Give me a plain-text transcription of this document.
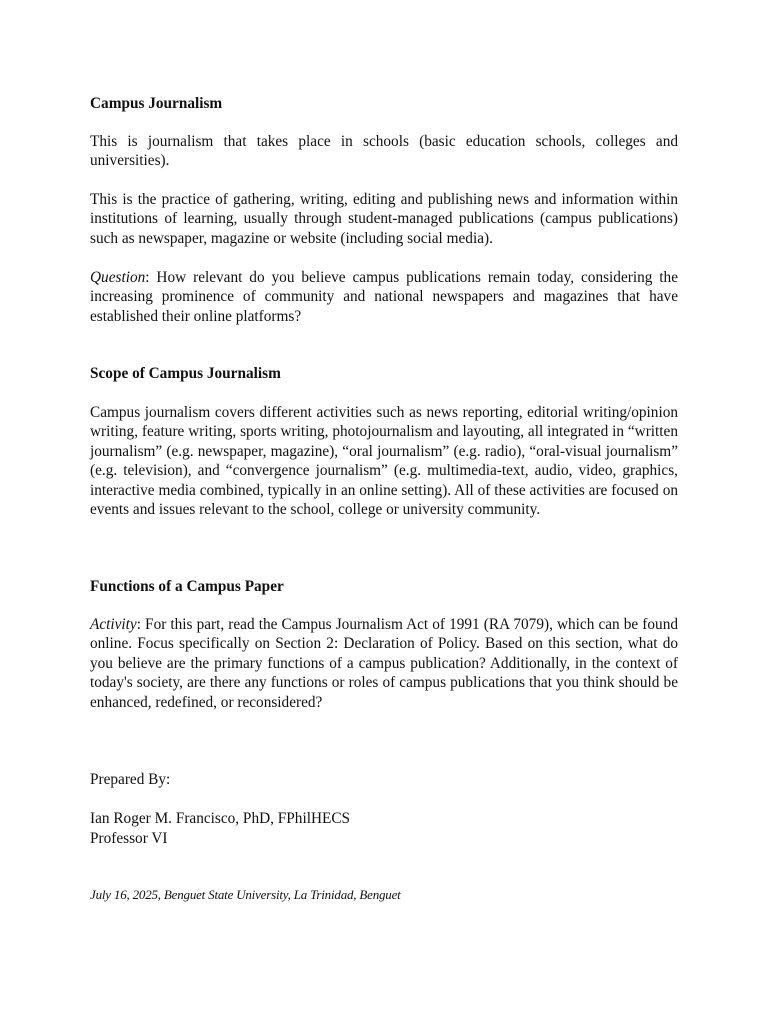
Campus Journalism
This is journalism that takes place in schools (basic education schools, colleges and universities).
This is the practice of gathering, writing, editing and publishing news and information within institutions of learning, usually through student-managed publications (campus publications) such as newspaper, magazine or website (including social media).
Question: How relevant do you believe campus publications remain today, considering the increasing prominence of community and national newspapers and magazines that have established their online platforms?
Scope of Campus Journalism
Campus journalism covers different activities such as news reporting, editorial writing/opinion writing, feature writing, sports writing, photojournalism and layouting, all integrated in “written journalism” (e.g. newspaper, magazine), “oral journalism” (e.g. radio), “oral-visual journalism” (e.g. television), and “convergence journalism” (e.g. multimedia-text, audio, video, graphics, interactive media combined, typically in an online setting). All of these activities are focused on events and issues relevant to the school, college or university community.
Functions of a Campus Paper
Activity: For this part, read the Campus Journalism Act of 1991 (RA 7079), which can be found online. Focus specifically on Section 2: Declaration of Policy. Based on this section, what do you believe are the primary functions of a campus publication? Additionally, in the context of today's society, are there any functions or roles of campus publications that you think should be enhanced, redefined, or reconsidered?
Prepared By:
Ian Roger M. Francisco, PhD, FPhilHECS
Professor VI
July 16, 2025, Benguet State University, La Trinidad, Benguet
